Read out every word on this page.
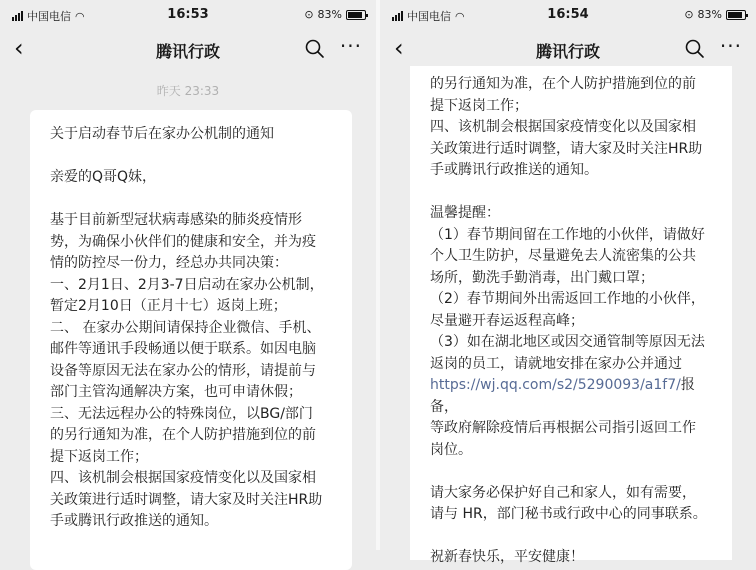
关于启动春节后在家办公机制的通知

亲爱的Q哥Q妹，

基于目前新型冠状病毒感染的肺炎疫情形

势，为确保小伙伴们的健康和安全，并为疫

情的防控尽一份力，经总办共同决策：

一、2月1日、2月3-7日启动在家办公机制，

暂定2月10日（正月十七）返岗上班；

二、 在家办公期间请保持企业微信、手机、

邮件等通讯手段畅通以便于联系。如因电脑

设备等原因无法在家办公的情形，请提前与

部门主管沟通解决方案，也可申请休假；

三、无法远程办公的特殊岗位，以BG/部门

的另行通知为准，在个人防护措施到位的前

提下返岗工作；

四、该机制会根据国家疫情变化以及国家相

关政策进行适时调整，请大家及时关注HR助

手或腾讯行政推送的通知。

昨天 23:33
中国电信 ◠	16:53	⊙ 83%
‹	腾讯行政	···

的另行通知为准，在个人防护措施到位的前

提下返岗工作；

四、该机制会根据国家疫情变化以及国家相

关政策进行适时调整，请大家及时关注HR助

手或腾讯行政推送的通知。

温馨提醒：

（1）春节期间留在工作地的小伙伴，请做好

个人卫生防护，尽量避免去人流密集的公共

场所，勤洗手勤消毒，出门戴口罩；

（2）春节期间外出需返回工作地的小伙伴，

尽量避开春运返程高峰；

（3）如在湖北地区或因交通管制等原因无法

返岗的员工，请就地安排在家办公并通过

https://wj.qq.com/s2/5290093/a1f7/报备，

等政府解除疫情后再根据公司指引返回工作

岗位。

请大家务必保护好自己和家人，如有需要，

请与 HR，部门秘书或行政中心的同事联系。

祝新春快乐，平安健康！

中国电信 ◠	16:54	⊙ 83%
‹	腾讯行政	···
